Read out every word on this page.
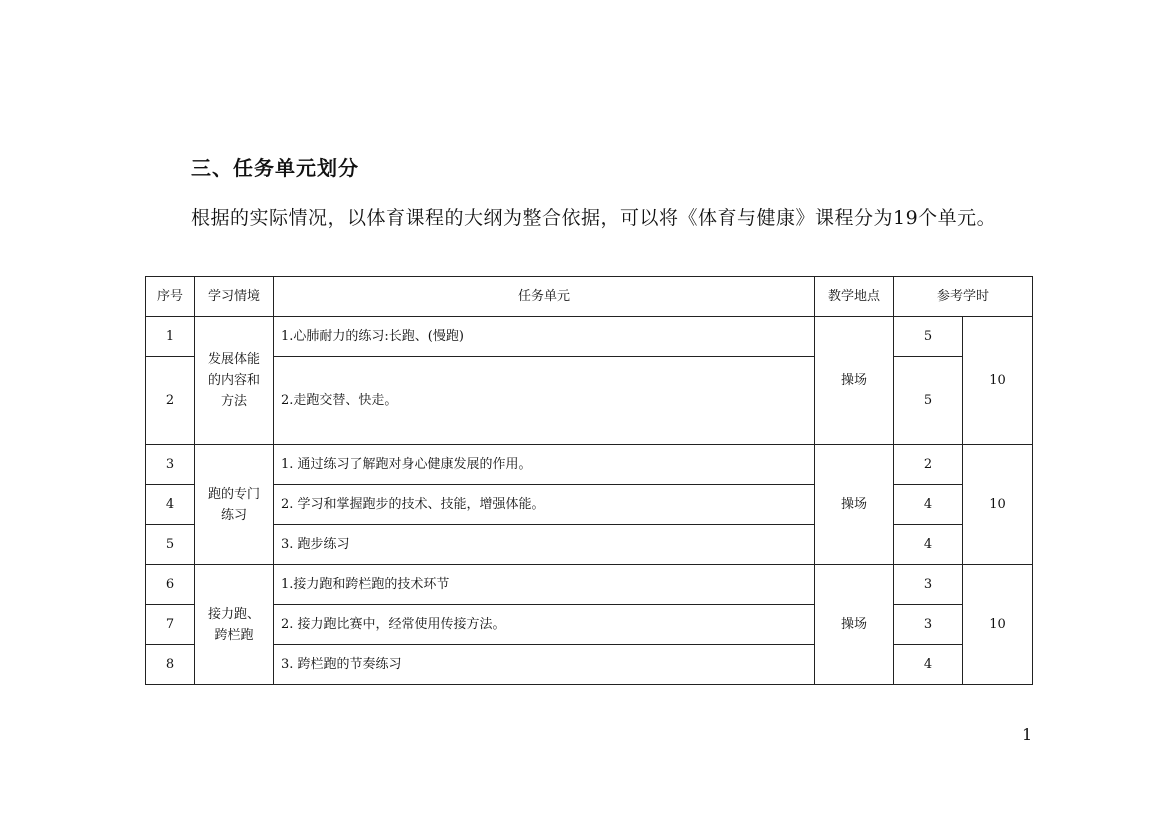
三、任务单元划分
根据的实际情况，以体育课程的大纲为整合依据，可以将《体育与健康》课程分为19个单元。
序号	学习情境	任务单元	教学地点	参考学时	
1	发展体能的内容和方法	1.心肺耐力的练习:长跑、(慢跑)	操场	5	10
2		2.走跑交替、快走。		5	
3	跑的专门练习	1. 通过练习了解跑对身心健康发展的作用。	操场	2	10
4		2. 学习和掌握跑步的技术、技能，增强体能。		4	
5		3. 跑步练习		4	
6	接力跑、跨栏跑	1.接力跑和跨栏跑的技术环节	操场	3	10
7		2. 接力跑比赛中，经常使用传接方法。		3	
8		3. 跨栏跑的节奏练习		4	
1
